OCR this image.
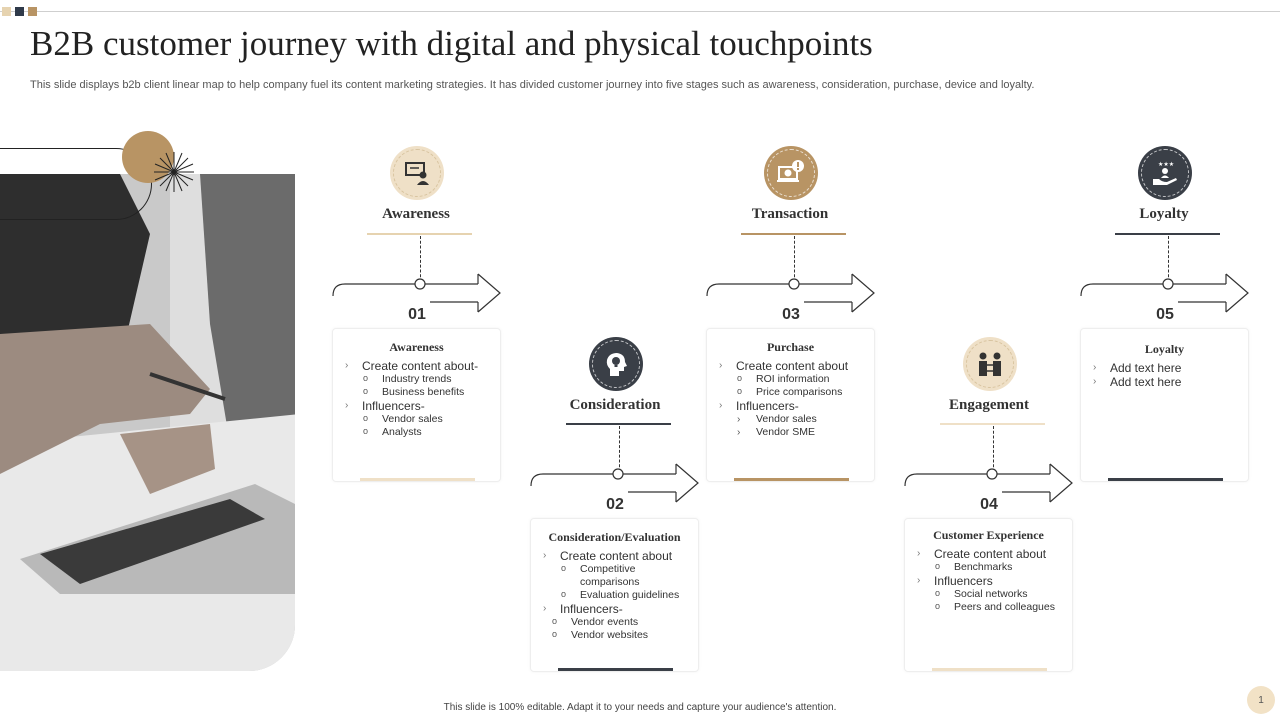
B2B customer journey with digital and physical touchpoints
This slide displays b2b client linear map to help company fuel its content marketing strategies. It has divided customer journey into five stages such as awareness, consideration, purchase, device and loyalty.
Awareness
01
Awareness
› Create content about-
o Industry trends
o Business benefits
› Influencers-
o Vendor sales
o Analysts
Consideration
02
Consideration/Evaluation
› Create content about
o Competitive comparisons
o Evaluation guidelines
› Influencers-
o Vendor events
o Vendor websites
Transaction
03
Purchase
› Create content about
o ROI information
o Price comparisons
› Influencers-
› Vendor sales
› Vendor SME
Engagement
04
Customer Experience
› Create content about
o Benchmarks
› Influencers
o Social networks
o Peers and colleagues
★★★
Loyalty
05
Loyalty
› Add text here
› Add text here
This slide is 100% editable. Adapt it to your needs and capture your audience's attention.
1
